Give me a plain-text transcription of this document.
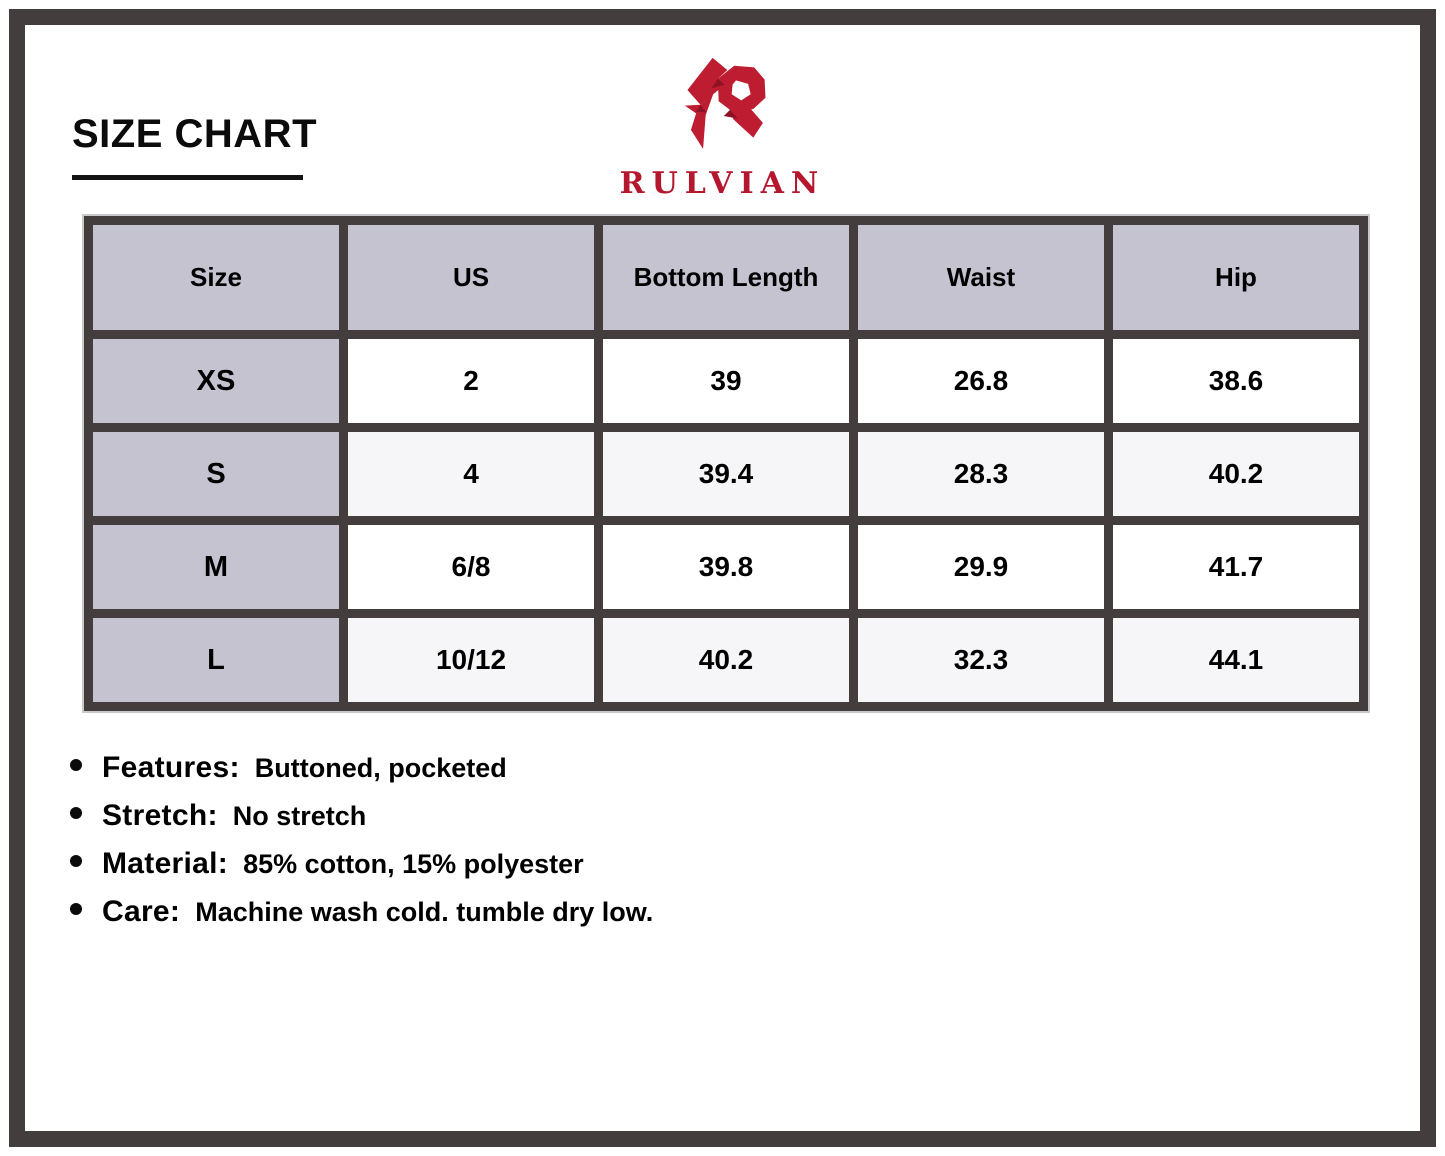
SIZE CHART
RULVIAN
Size	US	Bottom Length	Waist	Hip
XS	2	39	26.8	38.6
S	4	39.4	28.3	40.2
M	6/8	39.8	29.9	41.7
L	10/12	40.2	32.3	44.1
Features: Buttoned, pocketed
Stretch: No stretch
Material: 85% cotton, 15% polyester
Care: Machine wash cold. tumble dry low.
